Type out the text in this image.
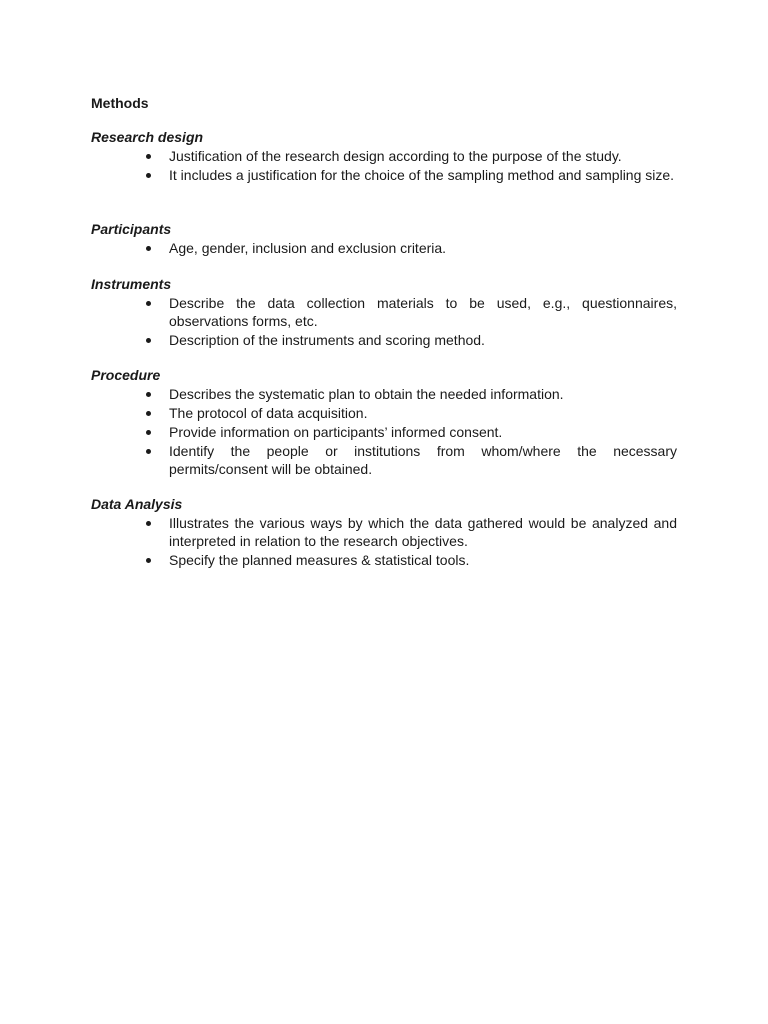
Methods
Research design
Justification of the research design according to the purpose of the study.
It includes a justification for the choice of the sampling method and sampling size.
Participants
Age, gender, inclusion and exclusion criteria.
Instruments
Describe the data collection materials to be used, e.g., questionnaires, observations forms, etc.
Description of the instruments and scoring method.
Procedure
Describes the systematic plan to obtain the needed information.
The protocol of data acquisition.
Provide information on participants’ informed consent.
Identify the people or institutions from whom/where the necessary permits/consent will be obtained.
Data Analysis
Illustrates the various ways by which the data gathered would be analyzed and interpreted in relation to the research objectives.
Specify the planned measures & statistical tools.
